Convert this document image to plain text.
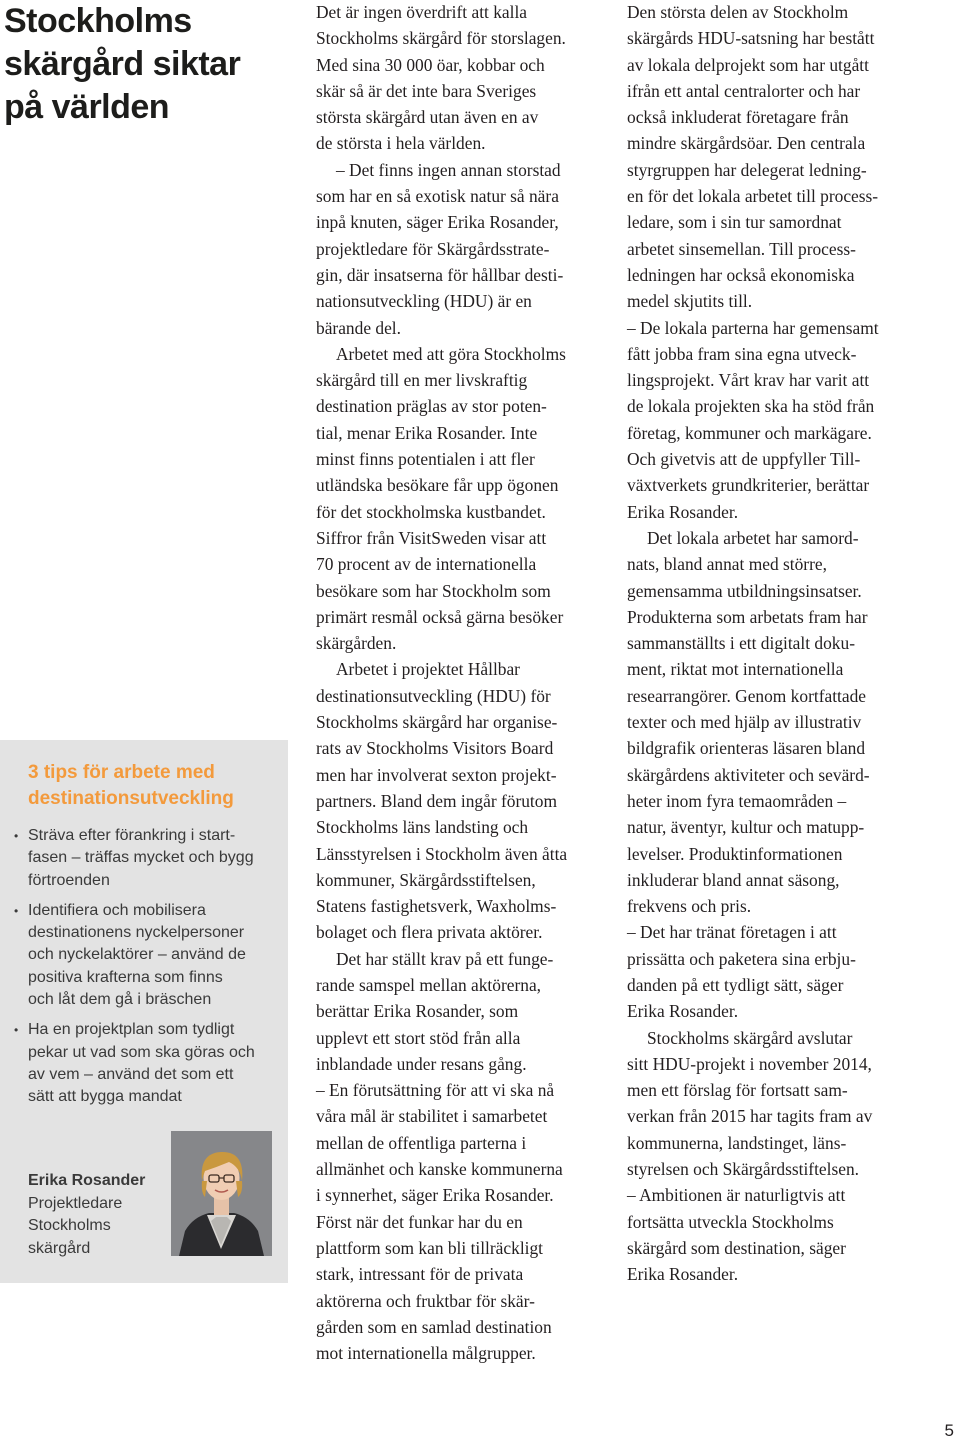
Stockholms
skärgård siktar
på världen
3 tips för arbete med
destinationsutveckling
• Sträva efter förankring i start-
fasen – träffas mycket och bygg
förtroenden
• Identifiera och mobilisera
destinationens nyckelpersoner
och nyckelaktörer – använd de
positiva krafterna som finns
och låt dem gå i bräschen
• Ha en projektplan som tydligt
pekar ut vad som ska göras och
av vem – använd det som ett
sätt att bygga mandat
Erika Rosander
Projektledare
Stockholms
skärgård
Det är ingen överdrift att kalla
Stockholms skärgård för storslagen.
Med sina 30 000 öar, kobbar och
skär så är det inte bara Sveriges
största skärgård utan även en av
de största i hela världen.
– Det finns ingen annan storstad
som har en så exotisk natur så nära
inpå knuten, säger Erika Rosander,
projektledare för Skärgårdsstrate-
gin, där insatserna för hållbar desti-
nationsutveckling (HDU) är en
bärande del.
Arbetet med att göra Stockholms
skärgård till en mer livskraftig
destination präglas av stor poten-
tial, menar Erika Rosander. Inte
minst finns potentialen i att fler
utländska besökare får upp ögonen
för det stockholmska kustbandet.
Siffror från VisitSweden visar att
70 procent av de internationella
besökare som har Stockholm som
primärt resmål också gärna besöker
skärgården.
Arbetet i projektet Hållbar
destinationsutveckling (HDU) för
Stockholms skärgård har organise-
rats av Stockholms Visitors Board
men har involverat sexton projekt-
partners. Bland dem ingår förutom
Stockholms läns landsting och
Länsstyrelsen i Stockholm även åtta
kommuner, Skärgårdsstiftelsen,
Statens fastighetsverk, Waxholms-
bolaget och flera privata aktörer.
Det har ställt krav på ett funge-
rande samspel mellan aktörerna,
berättar Erika Rosander, som
upplevt ett stort stöd från alla
inblandade under resans gång.
– En förutsättning för att vi ska nå
våra mål är stabilitet i samarbetet
mellan de offentliga parterna i
allmänhet och kanske kommunerna
i synnerhet, säger Erika Rosander.
Först när det funkar har du en
plattform som kan bli tillräckligt
stark, intressant för de privata
aktörerna och fruktbar för skär-
gården som en samlad destination
mot internationella målgrupper.
Den största delen av Stockholm
skärgårds HDU-satsning har bestått
av lokala delprojekt som har utgått
ifrån ett antal centralorter och har
också inkluderat företagare från
mindre skärgårdsöar. Den centrala
styrgruppen har delegerat ledning-
en för det lokala arbetet till process-
ledare, som i sin tur samordnat
arbetet sinsemellan. Till process-
ledningen har också ekonomiska
medel skjutits till.
– De lokala parterna har gemensamt
fått jobba fram sina egna utveck-
lingsprojekt. Vårt krav har varit att
de lokala projekten ska ha stöd från
företag, kommuner och markägare.
Och givetvis att de uppfyller Till-
växtverkets grundkriterier, berättar
Erika Rosander.
Det lokala arbetet har samord-
nats, bland annat med större,
gemensamma utbildningsinsatser.
Produkterna som arbetats fram har
sammanställts i ett digitalt doku-
ment, riktat mot internationella
researrangörer. Genom kortfattade
texter och med hjälp av illustrativ
bildgrafik orienteras läsaren bland
skärgårdens aktiviteter och sevärd-
heter inom fyra temaområden –
natur, äventyr, kultur och matupp-
levelser. Produktinformationen
inkluderar bland annat säsong,
frekvens och pris.
– Det har tränat företagen i att
prissätta och paketera sina erbju-
danden på ett tydligt sätt, säger
Erika Rosander.
Stockholms skärgård avslutar
sitt HDU-projekt i november 2014,
men ett förslag för fortsatt sam-
verkan från 2015 har tagits fram av
kommunerna, landstinget, läns-
styrelsen och Skärgårdsstiftelsen.
– Ambitionen är naturligtvis att
fortsätta utveckla Stockholms
skärgård som destination, säger
Erika Rosander.
5
